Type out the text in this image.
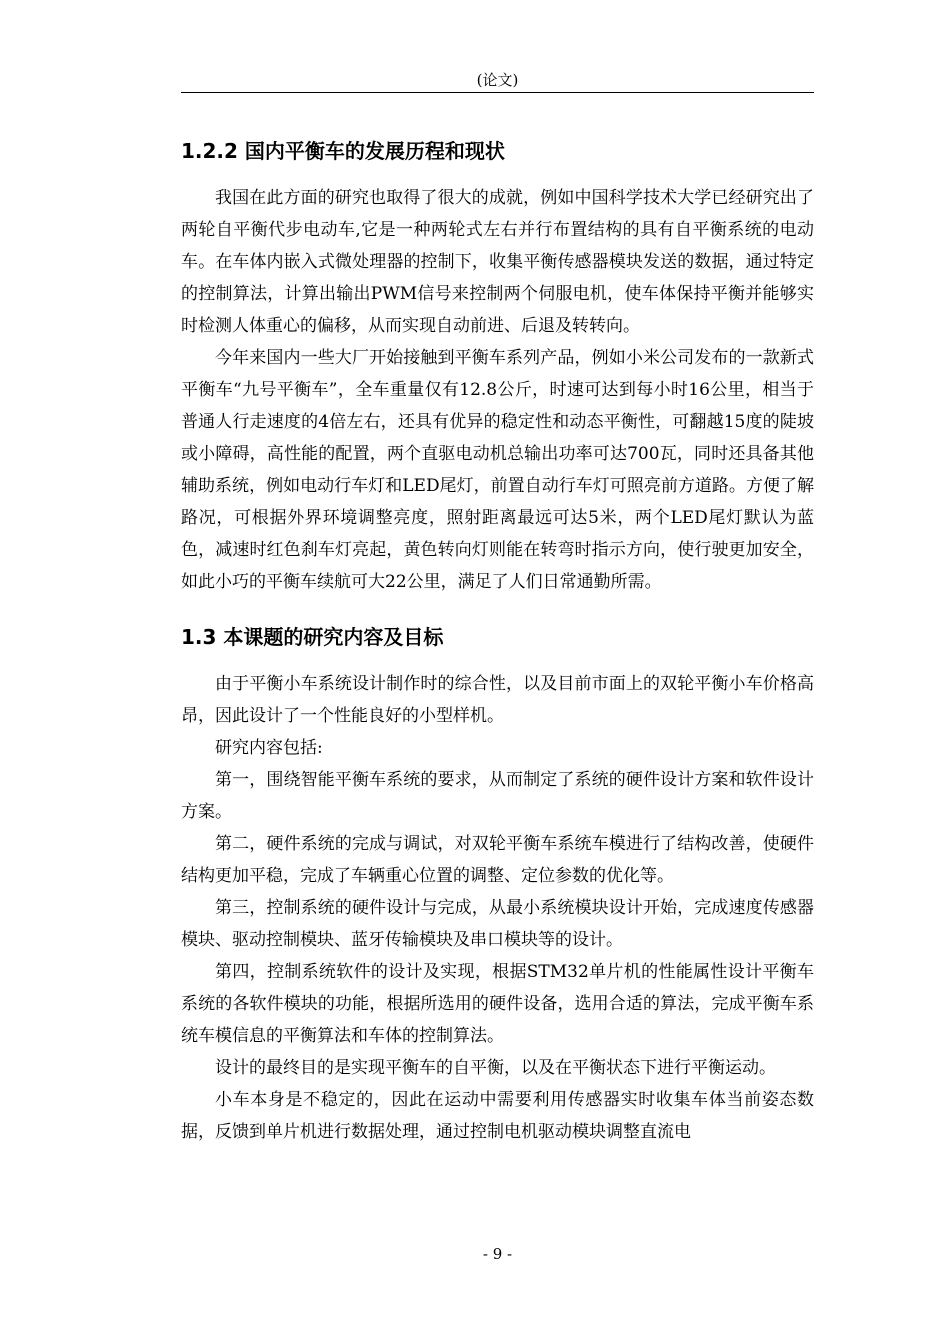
(论文)
1.2.2 国内平衡车的发展历程和现状

我国在此方面的研究也取得了很大的成就，例如中国科学技术大学已经研究出了两轮自平衡代步电动车,它是一种两轮式左右并行布置结构的具有自平衡系统的电动车。在车体内嵌入式微处理器的控制下，收集平衡传感器模块发送的数据，通过特定的控制算法，计算出输出PWM信号来控制两个伺服电机，使车体保持平衡并能够实时检测人体重心的偏移，从而实现自动前进、后退及转转向。

今年来国内一些大厂开始接触到平衡车系列产品，例如小米公司发布的一款新式平衡车“九号平衡车”，全车重量仅有12.8公斤，时速可达到每小时16公里，相当于普通人行走速度的4倍左右，还具有优异的稳定性和动态平衡性，可翻越15度的陡坡或小障碍，高性能的配置，两个直驱电动机总输出功率可达700瓦，同时还具备其他辅助系统，例如电动行车灯和LED尾灯，前置自动行车灯可照亮前方道路。方便了解路况，可根据外界环境调整亮度，照射距离最远可达5米，两个LED尾灯默认为蓝色，减速时红色刹车灯亮起，黄色转向灯则能在转弯时指示方向，使行驶更加安全，如此小巧的平衡车续航可大22公里，满足了人们日常通勤所需。

1.3 本课题的研究内容及目标

由于平衡小车系统设计制作时的综合性，以及目前市面上的双轮平衡小车价格高昂，因此设计了一个性能良好的小型样机。

研究内容包括:

第一，围绕智能平衡车系统的要求，从而制定了系统的硬件设计方案和软件设计方案。

第二，硬件系统的完成与调试，对双轮平衡车系统车模进行了结构改善，使硬件结构更加平稳，完成了车辆重心位置的调整、定位参数的优化等。

第三，控制系统的硬件设计与完成，从最小系统模块设计开始，完成速度传感器模块、驱动控制模块、蓝牙传输模块及串口模块等的设计。

第四，控制系统软件的设计及实现，根据STM32单片机的性能属性设计平衡车系统的各软件模块的功能，根据所选用的硬件设备，选用合适的算法，完成平衡车系统车模信息的平衡算法和车体的控制算法。

设计的最终目的是实现平衡车的自平衡，以及在平衡状态下进行平衡运动。

小车本身是不稳定的，因此在运动中需要利用传感器实时收集车体当前姿态数据，反馈到单片机进行数据处理，通过控制电机驱动模块调整直流电

- 9 -
